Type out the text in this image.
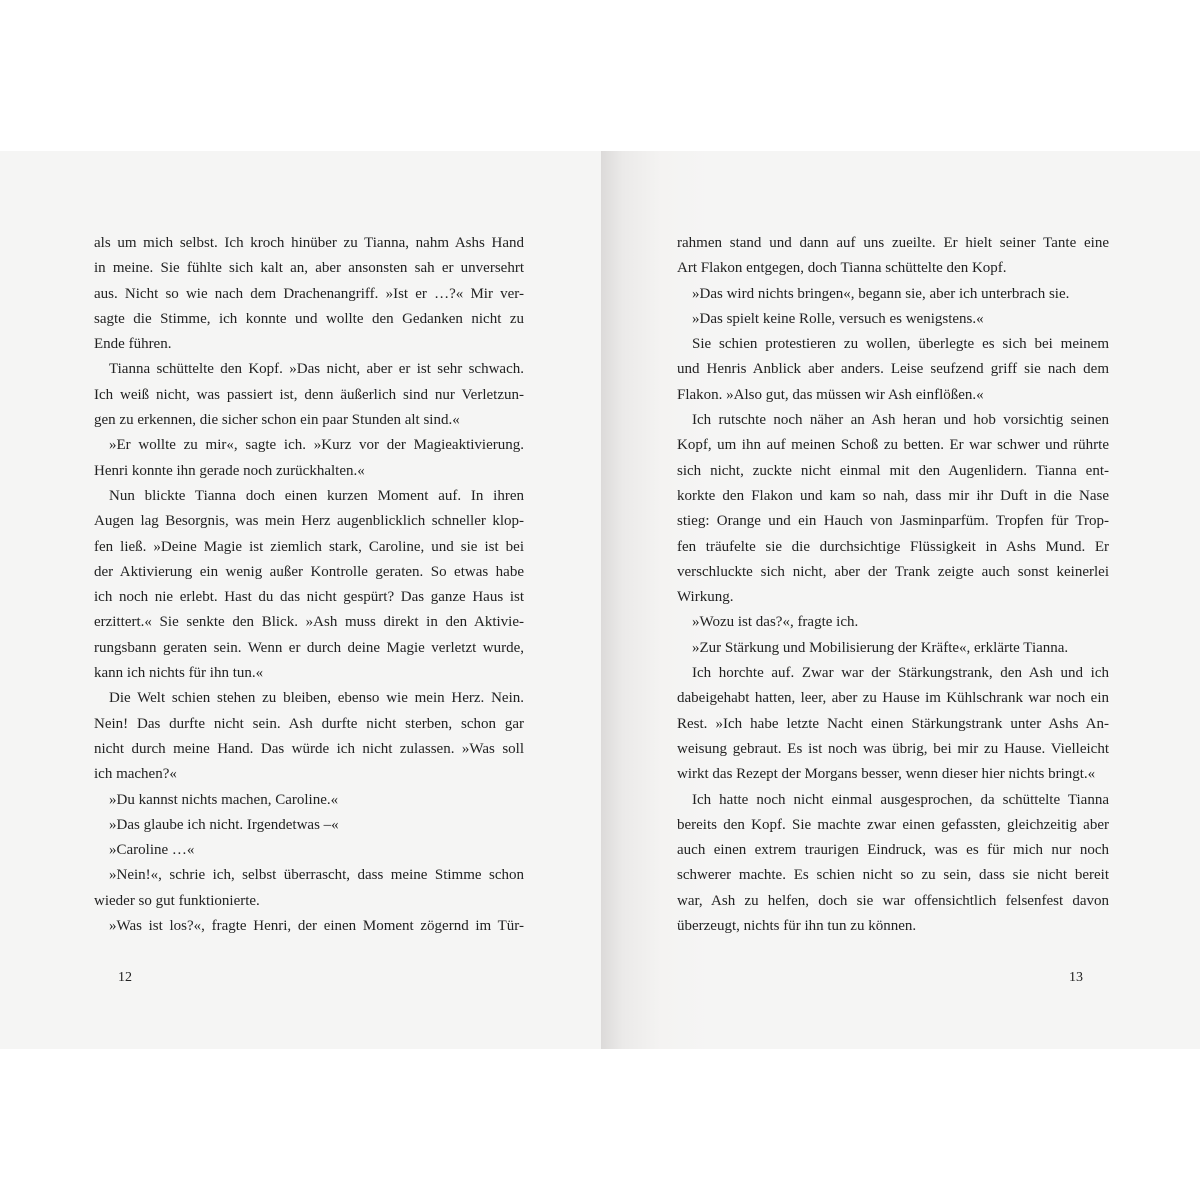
als um mich selbst. Ich kroch hinüber zu Tianna, nahm Ashs Hand
in meine. Sie fühlte sich kalt an, aber ansonsten sah er unversehrt
aus. Nicht so wie nach dem Drachenangriff. »Ist er …?« Mir ver-
sagte die Stimme, ich konnte und wollte den Gedanken nicht zu
Ende führen.
Tianna schüttelte den Kopf. »Das nicht, aber er ist sehr schwach.
Ich weiß nicht, was passiert ist, denn äußerlich sind nur Verletzun-
gen zu erkennen, die sicher schon ein paar Stunden alt sind.«
»Er wollte zu mir«, sagte ich. »Kurz vor der Magieaktivierung.
Henri konnte ihn gerade noch zurückhalten.«
Nun blickte Tianna doch einen kurzen Moment auf. In ihren
Augen lag Besorgnis, was mein Herz augenblicklich schneller klop-
fen ließ. »Deine Magie ist ziemlich stark, Caroline, und sie ist bei
der Aktivierung ein wenig außer Kontrolle geraten. So etwas habe
ich noch nie erlebt. Hast du das nicht gespürt? Das ganze Haus ist
erzittert.« Sie senkte den Blick. »Ash muss direkt in den Aktivie-
rungsbann geraten sein. Wenn er durch deine Magie verletzt wurde,
kann ich nichts für ihn tun.«
Die Welt schien stehen zu bleiben, ebenso wie mein Herz. Nein.
Nein! Das durfte nicht sein. Ash durfte nicht sterben, schon gar
nicht durch meine Hand. Das würde ich nicht zulassen. »Was soll
ich machen?«
»Du kannst nichts machen, Caroline.«
»Das glaube ich nicht. Irgendetwas –«
»Caroline …«
»Nein!«, schrie ich, selbst überrascht, dass meine Stimme schon
wieder so gut funktionierte.
»Was ist los?«, fragte Henri, der einen Moment zögernd im Tür-
rahmen stand und dann auf uns zueilte. Er hielt seiner Tante eine
Art Flakon entgegen, doch Tianna schüttelte den Kopf.
»Das wird nichts bringen«, begann sie, aber ich unterbrach sie.
»Das spielt keine Rolle, versuch es wenigstens.«
Sie schien protestieren zu wollen, überlegte es sich bei meinem
und Henris Anblick aber anders. Leise seufzend griff sie nach dem
Flakon. »Also gut, das müssen wir Ash einflößen.«
Ich rutschte noch näher an Ash heran und hob vorsichtig seinen
Kopf, um ihn auf meinen Schoß zu betten. Er war schwer und rührte
sich nicht, zuckte nicht einmal mit den Augenlidern. Tianna ent-
korkte den Flakon und kam so nah, dass mir ihr Duft in die Nase
stieg: Orange und ein Hauch von Jasminparfüm. Tropfen für Trop-
fen träufelte sie die durchsichtige Flüssigkeit in Ashs Mund. Er
verschluckte sich nicht, aber der Trank zeigte auch sonst keinerlei
Wirkung.
»Wozu ist das?«, fragte ich.
»Zur Stärkung und Mobilisierung der Kräfte«, erklärte Tianna.
Ich horchte auf. Zwar war der Stärkungstrank, den Ash und ich
dabeigehabt hatten, leer, aber zu Hause im Kühlschrank war noch ein
Rest. »Ich habe letzte Nacht einen Stärkungstrank unter Ashs An-
weisung gebraut. Es ist noch was übrig, bei mir zu Hause. Vielleicht
wirkt das Rezept der Morgans besser, wenn dieser hier nichts bringt.«
Ich hatte noch nicht einmal ausgesprochen, da schüttelte Tianna
bereits den Kopf. Sie machte zwar einen gefassten, gleichzeitig aber
auch einen extrem traurigen Eindruck, was es für mich nur noch
schwerer machte. Es schien nicht so zu sein, dass sie nicht bereit
war, Ash zu helfen, doch sie war offensichtlich felsenfest davon
überzeugt, nichts für ihn tun zu können.
12	13
